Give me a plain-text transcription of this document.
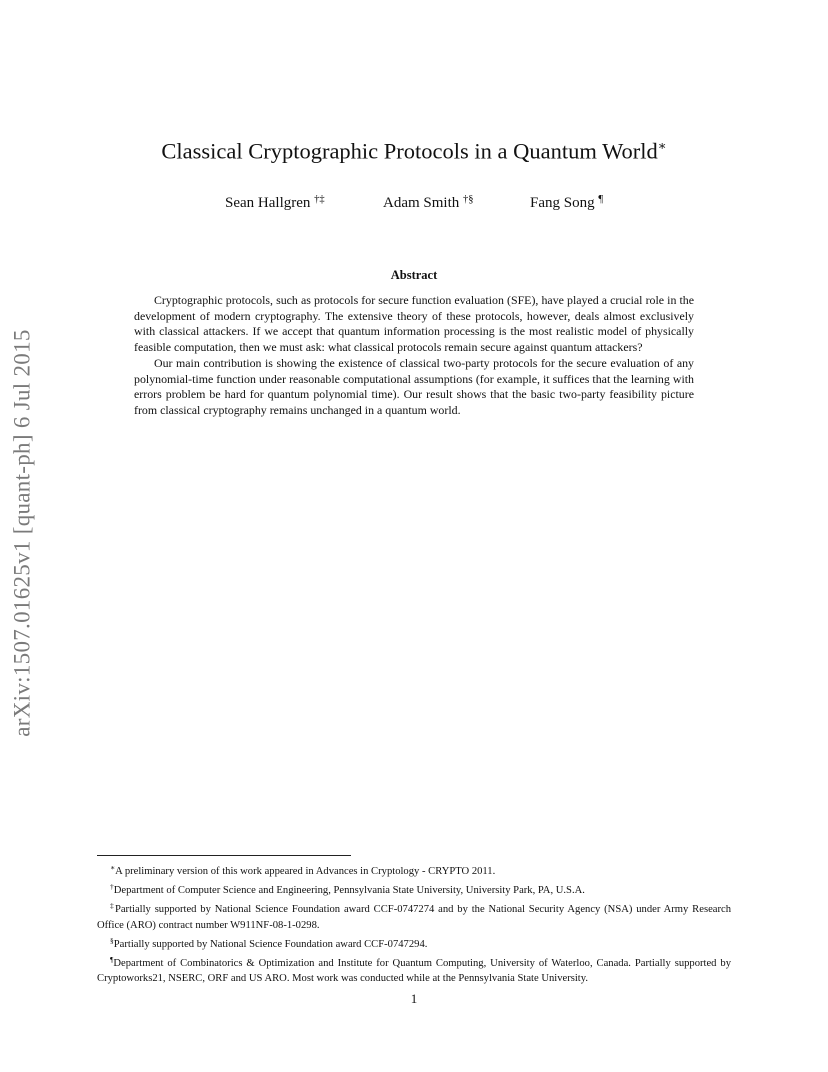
arXiv:1507.01625v1 [quant-ph] 6 Jul 2015
Classical Cryptographic Protocols in a Quantum World∗
Sean Hallgren †‡	Adam Smith †§	Fang Song ¶
Abstract

Cryptographic protocols, such as protocols for secure function evaluation (SFE), have played a crucial role in the development of modern cryptography. The extensive theory of these protocols, however, deals almost exclusively with classical attackers. If we accept that quantum information processing is the most realistic model of physically feasible computation, then we must ask: what classical protocols remain secure against quantum attackers?

Our main contribution is showing the existence of classical two-party protocols for the secure evaluation of any polynomial-time function under reasonable computational assumptions (for example, it suffices that the learning with errors problem be hard for quantum polynomial time). Our result shows that the basic two-party feasibility picture from classical cryptography remains unchanged in a quantum world.

∗A preliminary version of this work appeared in Advances in Cryptology - CRYPTO 2011.

†Department of Computer Science and Engineering, Pennsylvania State University, University Park, PA, U.S.A.

‡Partially supported by National Science Foundation award CCF-0747274 and by the National Security Agency (NSA) under Army Research Office (ARO) contract number W911NF-08-1-0298.

§Partially supported by National Science Foundation award CCF-0747294.

¶Department of Combinatorics & Optimization and Institute for Quantum Computing, University of Waterloo, Canada. Partially supported by Cryptoworks21, NSERC, ORF and US ARO. Most work was conducted while at the Pennsylvania State University.

1
